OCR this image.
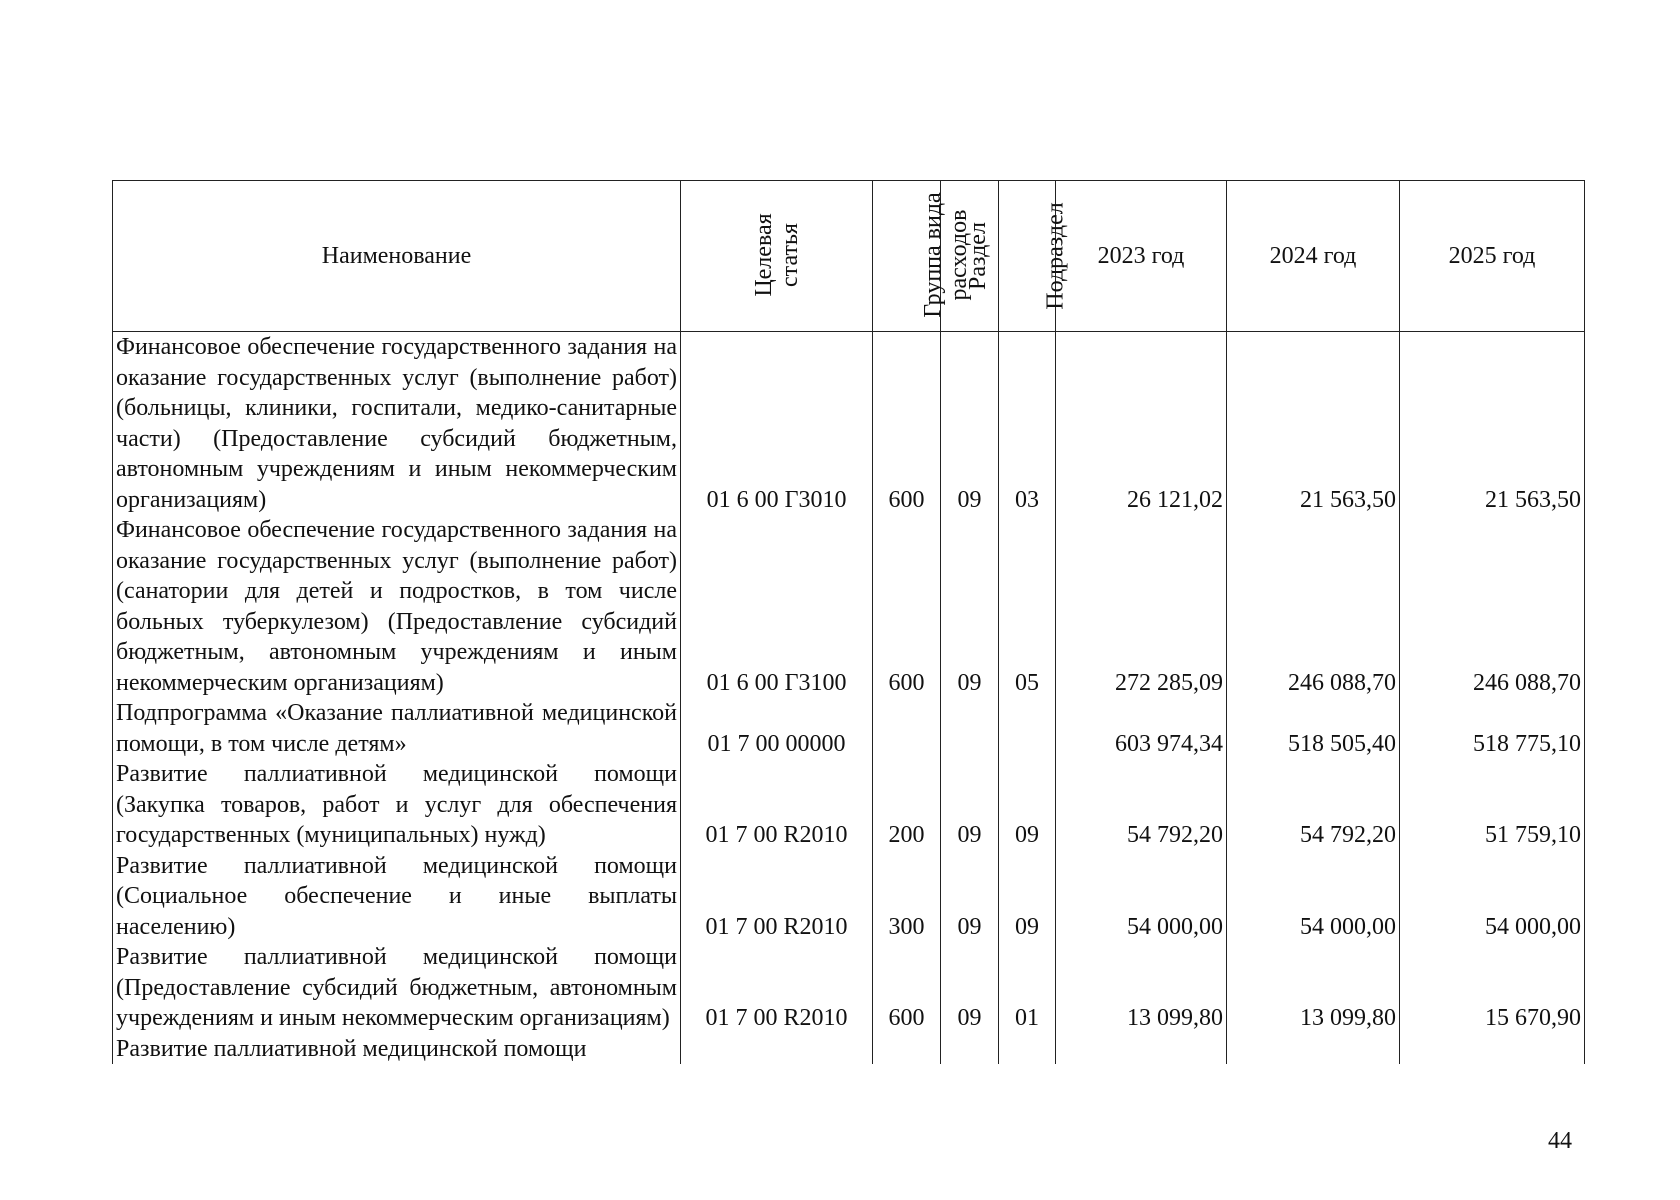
Наименование	Целевая статья	Группа вида расходов	Раздел	Подраздел	2023 год	2024 год	2025 год
Финансовое обеспечение государственного задания на оказание государственных услуг (выполнение работ) (больницы, клиники, госпитали, медико-санитарные части) (Предоставление субсидий бюджетным, автономным учреждениям и иным некоммерческим организациям)	01 6 00 Г3010	600	09	03	26 121,02	21 563,50	21 563,50
Финансовое обеспечение государственного задания на оказание государственных услуг (выполнение работ) (санатории для детей и подростков, в том числе больных туберкулезом) (Предоставление субсидий бюджетным, автономным учреждениям и иным некоммерческим организациям)	01 6 00 Г3100	600	09	05	272 285,09	246 088,70	246 088,70
Подпрограмма «Оказание паллиативной медицинской помощи, в том числе детям»	01 7 00 00000				603 974,34	518 505,40	518 775,10
Развитие паллиативной медицинской помощи (Закупка товаров, работ и услуг для обеспечения государственных (муниципальных) нужд)	01 7 00 R2010	200	09	09	54 792,20	54 792,20	51 759,10
Развитие паллиативной медицинской помощи (Социальное обеспечение и иные выплаты населению)	01 7 00 R2010	300	09	09	54 000,00	54 000,00	54 000,00
Развитие паллиативной медицинской помощи (Предоставление субсидий бюджетным, автономным учреждениям и иным некоммерческим организациям)	01 7 00 R2010	600	09	01	13 099,80	13 099,80	15 670,90
Развитие паллиативной медицинской помощи							
44
